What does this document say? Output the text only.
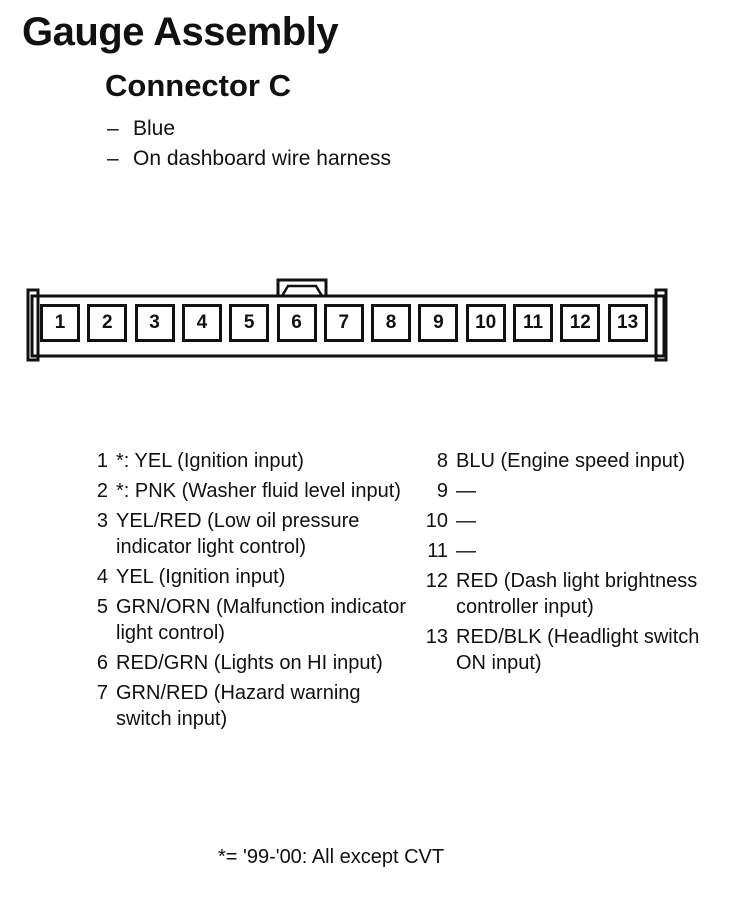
Gauge Assembly
Connector C
– Blue
– On dashboard wire harness
1	2	3	4	5	6	7	8	9	10	11	12	13
1 *: YEL (Ignition input)
2 *: PNK (Washer fluid level input)
3 YEL/RED (Low oil pressure indicator light control)
4 YEL (Ignition input)
5 GRN/ORN (Malfunction indicator light control)
6 RED/GRN (Lights on HI input)
7 GRN/RED (Hazard warning switch input)
8 BLU (Engine speed input)
9 —
10 —
11 —
12 RED (Dash light brightness controller input)
13 RED/BLK (Headlight switch ON input)
*= '99-'00: All except CVT
